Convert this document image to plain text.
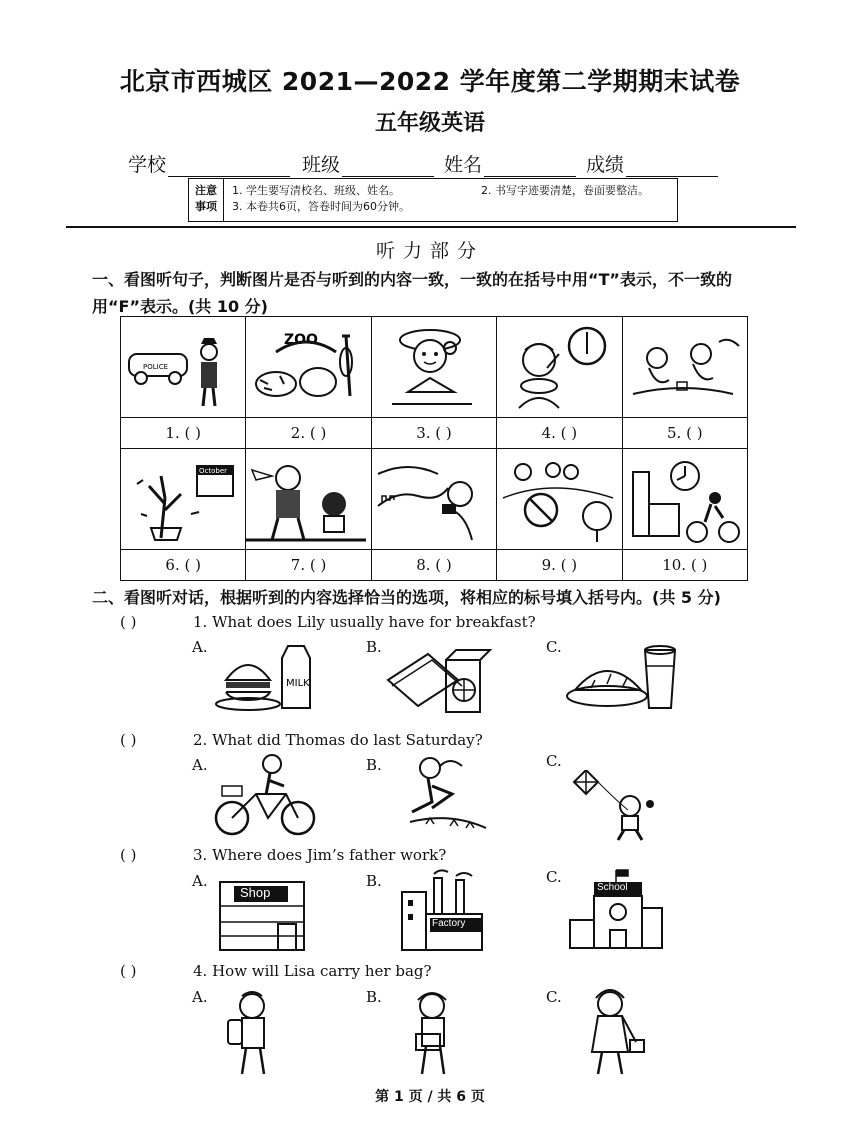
北京市西城区 2021—2022 学年度第二学期期末试卷
五年级英语
学校	班级	姓名	成绩
注意
事项
1. 学生要写清校名、班级、姓名。	2. 书写字迹要清楚，卷面要整洁。
3. 本卷共6页，答卷时间为60分钟。
听力部分
一、看图听句子，判断图片是否与听到的内容一致，一致的在括号中用“T”表示，不一致的用“F”表示。(共 10 分)
POLICE	ZOO

1. ( )	2. ( )	3. ( )	4. ( )	5. ( )

October

6. ( )	7. ( )	8. ( )	9. ( )	10. ( )
二、看图听对话，根据听到的内容选择恰当的选项，将相应的标号填入括号内。(共 5 分)
( )	1. What does Lily usually have for breakfast?
A.	B.	C.
MILK
( )	2. What did Thomas do last Saturday?
A.	B.	C.
( )	3. Where does Jim’s father work?
A.	B.	C.
Shop
Factory
School
( )	4. How will Lisa carry her bag?
A.	B.	C.
第 1 页 / 共 6 页
